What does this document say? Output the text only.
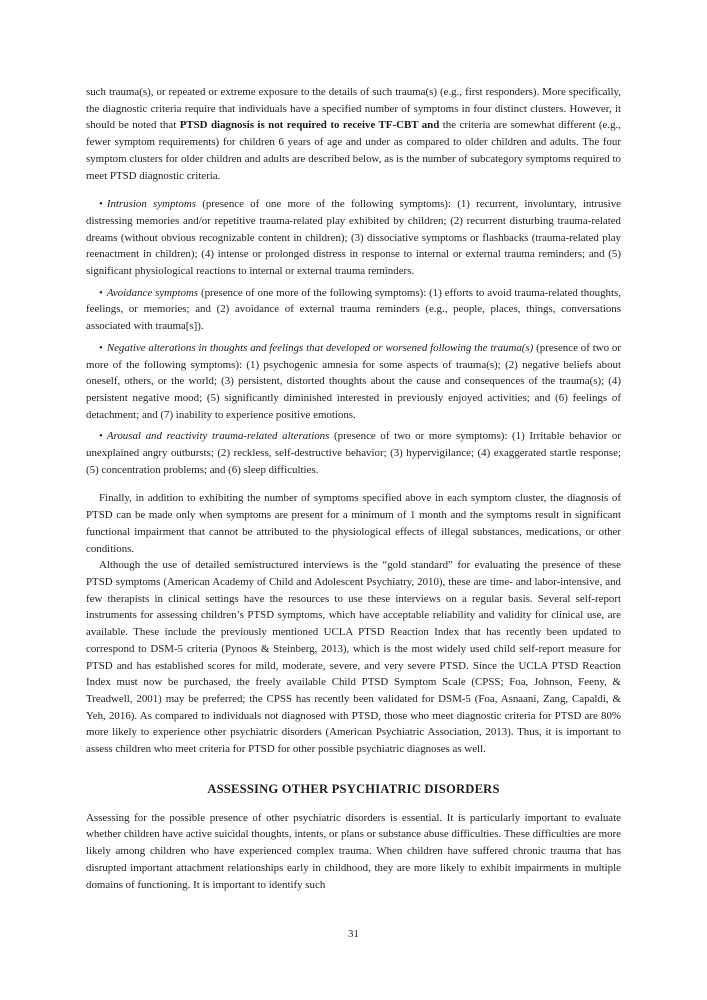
such trauma(s), or repeated or extreme exposure to the details of such trauma(s) (e.g., first responders). More specifically, the diagnostic criteria require that individuals have a specified number of symptoms in four distinct clusters. However, it should be noted that PTSD diagnosis is not required to receive TF-CBT and the criteria are somewhat different (e.g., fewer symptom requirements) for children 6 years of age and under as compared to older children and adults. The four symptom clusters for older children and adults are described below, as is the number of subcategory symptoms required to meet PTSD diagnostic criteria.

• Intrusion symptoms (presence of one more of the following symptoms): (1) recurrent, involuntary, intrusive distressing memories and/or repetitive trauma-related play exhibited by children; (2) recurrent disturbing trauma-related dreams (without obvious recognizable content in children); (3) dissociative symptoms or flashbacks (trauma-related play reenactment in children); (4) intense or prolonged distress in response to internal or external trauma reminders; and (5) significant physiological reactions to internal or external trauma reminders.

• Avoidance symptoms (presence of one more of the following symptoms): (1) efforts to avoid trauma-related thoughts, feelings, or memories; and (2) avoidance of external trauma reminders (e.g., people, places, things, conversations associated with trauma[s]).

• Negative alterations in thoughts and feelings that developed or worsened following the trauma(s) (presence of two or more of the following symptoms): (1) psychogenic amnesia for some aspects of trauma(s); (2) negative beliefs about oneself, others, or the world; (3) persistent, distorted thoughts about the cause and consequences of the trauma(s); (4) persistent negative mood; (5) significantly diminished interested in previously enjoyed activities; and (6) feelings of detachment; and (7) inability to experience positive emotions.

• Arousal and reactivity trauma-related alterations (presence of two or more symptoms): (1) Irritable behavior or unexplained angry outbursts; (2) reckless, self-destructive behavior; (3) hypervigilance; (4) exaggerated startle response; (5) concentration problems; and (6) sleep difficulties.

Finally, in addition to exhibiting the number of symptoms specified above in each symptom cluster, the diagnosis of PTSD can be made only when symptoms are present for a minimum of 1 month and the symptoms result in significant functional impairment that cannot be attributed to the physiological effects of illegal substances, medications, or other conditions.

Although the use of detailed semistructured interviews is the “gold standard” for evaluating the presence of these PTSD symptoms (American Academy of Child and Adolescent Psychiatry, 2010), these are time- and labor-intensive, and few therapists in clinical settings have the resources to use these interviews on a regular basis. Several self-report instruments for assessing children’s PTSD symptoms, which have acceptable reliability and validity for clinical use, are available. These include the previously mentioned UCLA PTSD Reaction Index that has recently been updated to correspond to DSM-5 criteria (Pynoos & Steinberg, 2013), which is the most widely used child self-report measure for PTSD and has established scores for mild, moderate, severe, and very severe PTSD. Since the UCLA PTSD Reaction Index must now be purchased, the freely available Child PTSD Symptom Scale (CPSS; Foa, Johnson, Feeny, & Treadwell, 2001) may be preferred; the CPSS has recently been validated for DSM-5 (Foa, Asnaani, Zang, Capaldi, & Yeh, 2016). As compared to individuals not diagnosed with PTSD, those who meet diagnostic criteria for PTSD are 80% more likely to experience other psychiatric disorders (American Psychiatric Association, 2013). Thus, it is important to assess children who meet criteria for PTSD for other possible psychiatric diagnoses as well.

ASSESSING OTHER PSYCHIATRIC DISORDERS

Assessing for the possible presence of other psychiatric disorders is essential. It is particularly important to evaluate whether children have active suicidal thoughts, intents, or plans or substance abuse difficulties. These difficulties are more likely among children who have experienced complex trauma. When children have suffered chronic trauma that has disrupted important attachment relationships early in childhood, they are more likely to exhibit impairments in multiple domains of functioning. It is important to identify such

31
